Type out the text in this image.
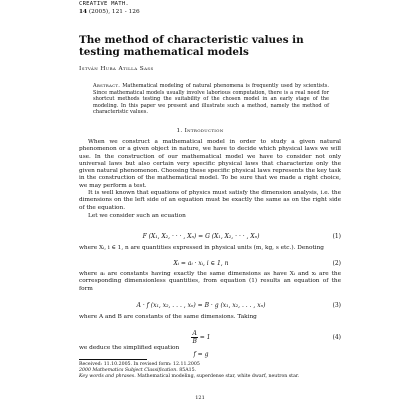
CREATIVE MATH.
14 (2005), 121 - 126
The method of characteristic values in testing mathematical models
István Huba Atilla Sass
Abstract. Mathematical modeling of natural phenomena is frequently used by scientists. Since mathematical models usually involve laborious computation, there is a real need for shortcut methods testing the suitability of the chosen model in an early stage of the modeling. In this paper we present and illustrate such a method, namely the method of characteristic values.
1. Introduction
When we construct a mathematical model in order to study a given natural phenomenon or a given object in nature, we have to decide which physical laws we will use. In the construction of our mathematical model we have to consider not only universal laws but also certain very specific physical laws that characterize only the given natural phenomenon. Choosing these specific physical laws represents the key task in the construction of the mathematical model. To be sure that we made a right choice, we may perform a test.
It is well known that equations of physics must satisfy the dimension analysis, i.e. the dimensions on the left side of an equation must be exactly the same as on the right side of the equation.
Let we consider such an ecuation
F (X₁, X₂, · · · , Xₙ) = G (X₁, X₂, · · · , Xₙ)	(1)
where Xᵢ, i ∈ 1, n are quantities expressed in physical units (m, kg, s etc.). Denoting
Xᵢ = aᵢ · xᵢ, i ∈ 1, n	(2)
where aᵢ are constants having exactly the same dimensions as have Xᵢ and xᵢ are the corresponding dimensionless quantities, from equation (1) results an equation of the form
A · f (x₁, x₂, . . . , xₙ) = B · g (x₁, x₂, . . . , xₙ)	(3)
where A and B are constants of the same dimensions. Taking
$\frac{A}{B} = 1$	(4)
we deduce the simplified equation
f = g
Received: 11.10.2005. In revised form: 12.11.2005
2000 Mathematics Subject Classification. 85A15.
Key words and phrases. Mathematical modeling, superdense star, white dwarf, neutron star.
121
